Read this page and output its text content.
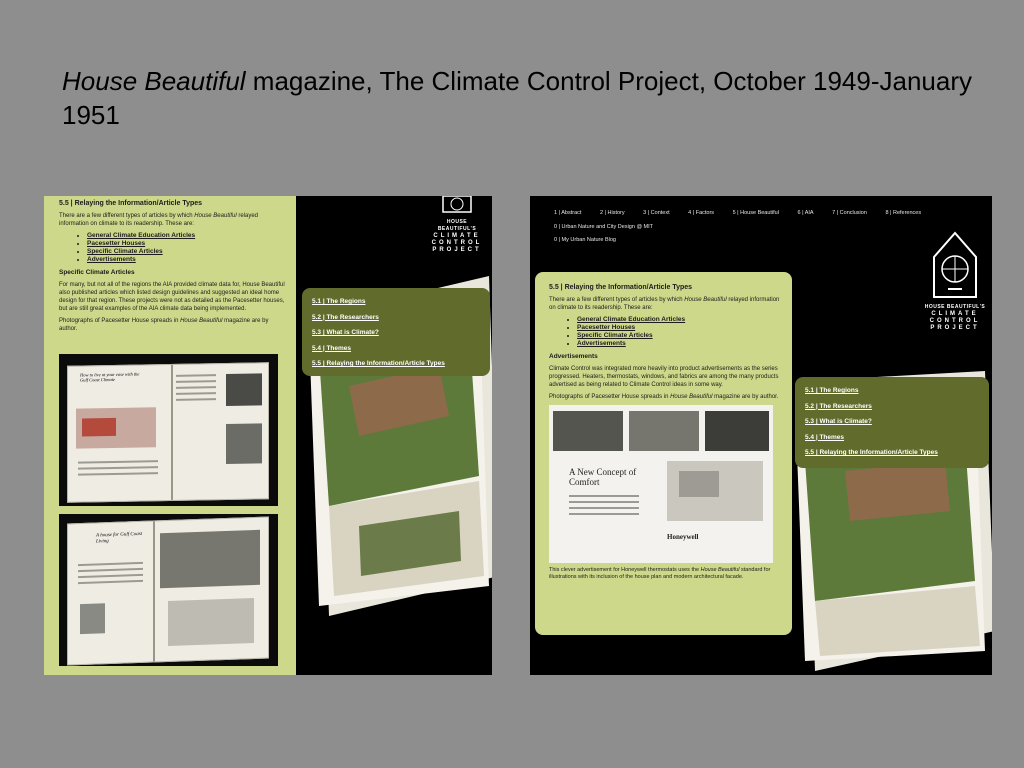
House Beautiful magazine, The Climate Control Project, October 1949-January 1951
HOUSE BEAUTIFUL'S
CLIMATE
CONTROL
PROJECT
5.5 | Relaying the Information/Article Types

There are a few different types of articles by which House Beautiful relayed information on climate to its readership. These are:

• General Climate Education Articles
• Pacesetter Houses
• Specific Climate Articles
• Advertisements
Specific Climate Articles

For many, but not all of the regions the AIA provided climate data for, House Beautiful also published articles which listed design guidelines and suggested an ideal home design for that region. These projects were not as detailed as the Pacesetter houses, but are still great examples of the AIA climate data being implemented.

Photographs of Pacesetter House spreads in House Beautiful magazine are by author.

How to live at your ease with the Gulf Coast Climate
A house for Gulf Coast Living
5.1 | The Regions
5.2 | The Researchers
5.3 | What is Climate?
5.4 | Themes
5.5 | Relaying the Information/Article Types
1 | Abstract	2 | History	3 | Context	4 | Factors	5 | House Beautiful	6 | AIA	7 | Conclusion	8 | References
0 | Urban Nature and City Design @ MIT
0 | My Urban Nature Blog
HOUSE BEAUTIFUL'S
CLIMATE
CONTROL
PROJECT
5.5 | Relaying the Information/Article Types

There are a few different types of articles by which House Beautiful relayed information on climate to its readership. These are:

• General Climate Education Articles
• Pacesetter Houses
• Specific Climate Articles
• Advertisements
Advertisements

Climate Control was integrated more heavily into product advertisements as the series progressed. Heaters, thermostats, windows, and fabrics are among the many products advertised as being related to Climate Control ideas in some way.

Photographs of Pacesetter House spreads in House Beautiful magazine are by author.

A New Concept of Comfort
Honeywell

This clever advertisement for Honeywell thermostats uses the House Beautiful standard for illustrations with its inclusion of the house plan and modern architectural facade.

5.1 | The Regions
5.2 | The Researchers
5.3 | What is Climate?
5.4 | Themes
5.5 | Relaying the Information/Article Types
